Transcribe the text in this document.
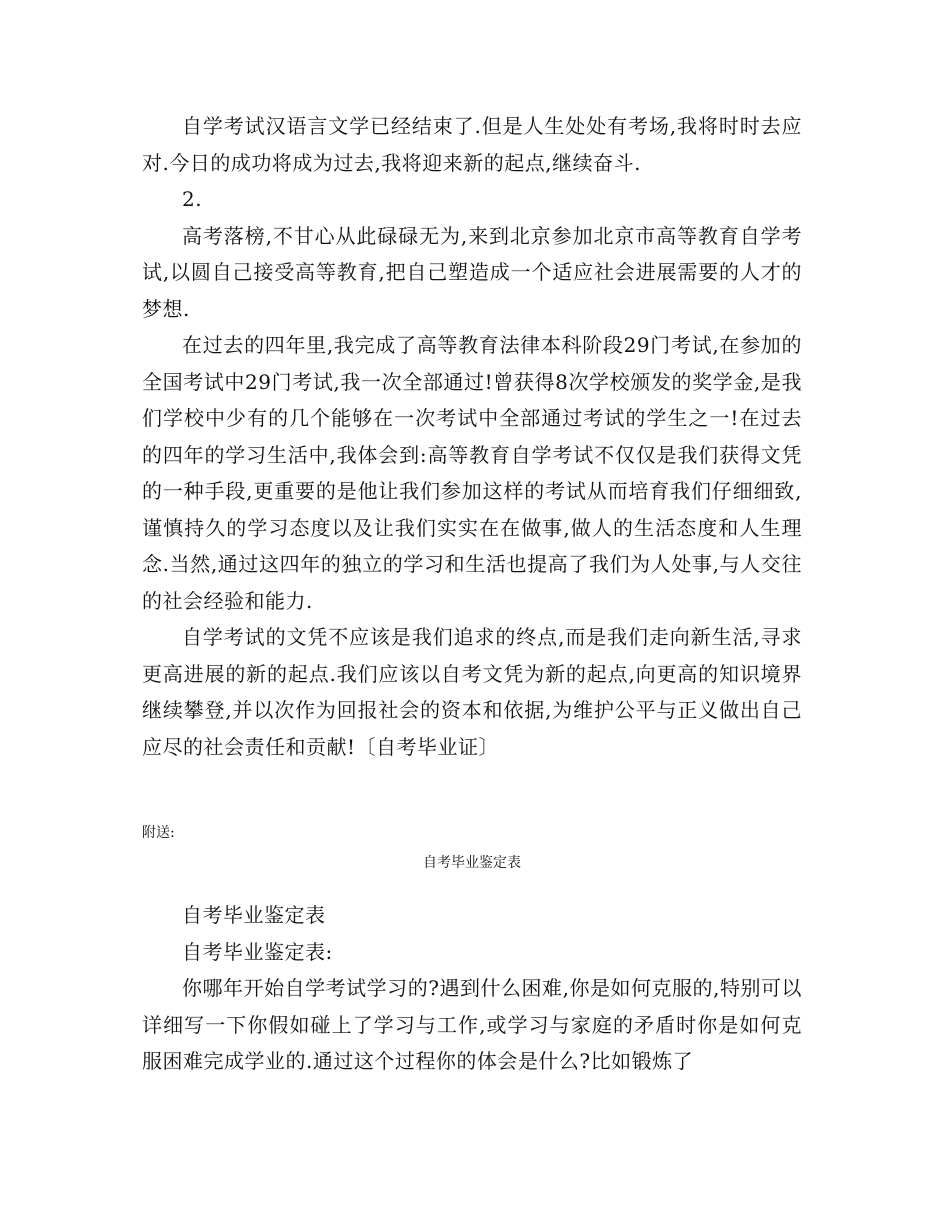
自学考试汉语言文学已经结束了.但是人生处处有考场,我将时时去应对.今日的成功将成为过去,我将迎来新的起点,继续奋斗.

2.

高考落榜,不甘心从此碌碌无为,来到北京参加北京市高等教育自学考试,以圆自己接受高等教育,把自己塑造成一个适应社会进展需要的人才的梦想.

在过去的四年里,我完成了高等教育法律本科阶段29门考试,在参加的全国考试中29门考试,我一次全部通过!曾获得8次学校颁发的奖学金,是我们学校中少有的几个能够在一次考试中全部通过考试的学生之一!在过去的四年的学习生活中,我体会到:高等教育自学考试不仅仅是我们获得文凭的一种手段,更重要的是他让我们参加这样的考试从而培育我们仔细细致,谨慎持久的学习态度以及让我们实实在在做事,做人的生活态度和人生理念.当然,通过这四年的独立的学习和生活也提高了我们为人处事,与人交往的社会经验和能力.

自学考试的文凭不应该是我们追求的终点,而是我们走向新生活,寻求更高进展的新的起点.我们应该以自考文凭为新的起点,向更高的知识境界继续攀登,并以次作为回报社会的资本和依据,为维护公平与正义做出自己应尽的社会责任和贡献!〔自考毕业证〕

附送:

自考毕业鉴定表

自考毕业鉴定表

自考毕业鉴定表:

你哪年开始自学考试学习的?遇到什么困难,你是如何克服的,特别可以详细写一下你假如碰上了学习与工作,或学习与家庭的矛盾时你是如何克服困难完成学业的.通过这个过程你的体会是什么?比如锻炼了
